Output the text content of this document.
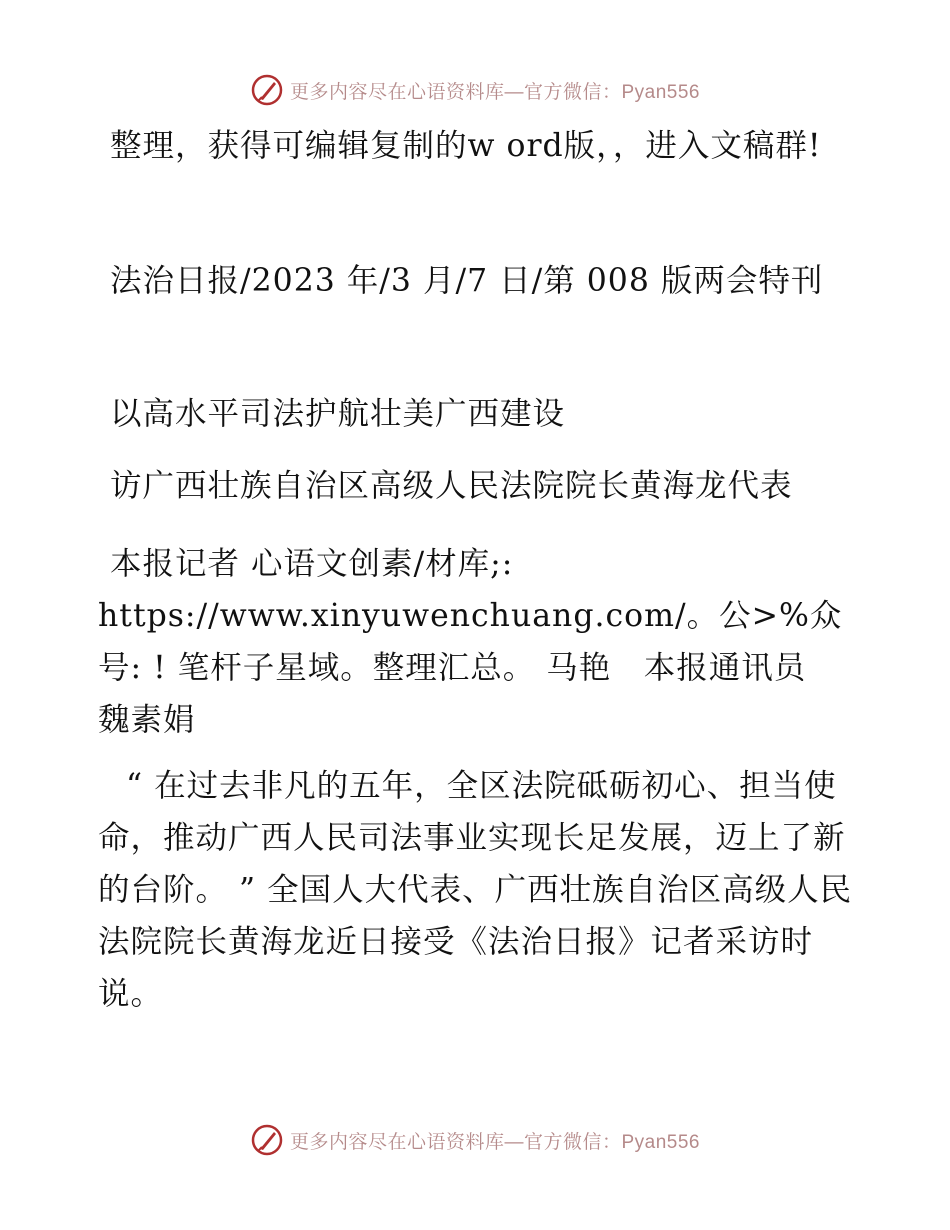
更多内容尽在心语资料库—官方微信：Pyan556

整理，获得可编辑复制的w ord版，，进入文稿群!

法治日报/2023 年/3 月/7 日/第 008 版两会特刊

以高水平司法护航壮美广西建设

访广西壮族自治区高级人民法院院长黄海龙代表

本报记者 心语文创素/材库;: https://www.xinyuwenchuang.com/。公>%众号: ! 笔杆子星域。整理汇总。 马艳　本报通讯员　魏素娟

“ 在过去非凡的五年，全区法院砥砺初心、担当使命，推动广西人民司法事业实现长足发展，迈上了新的台阶。 ” 全国人大代表、广西壮族自治区高级人民法院院长黄海龙近日接受《法治日报》记者采访时说。

更多内容尽在心语资料库—官方微信：Pyan556
